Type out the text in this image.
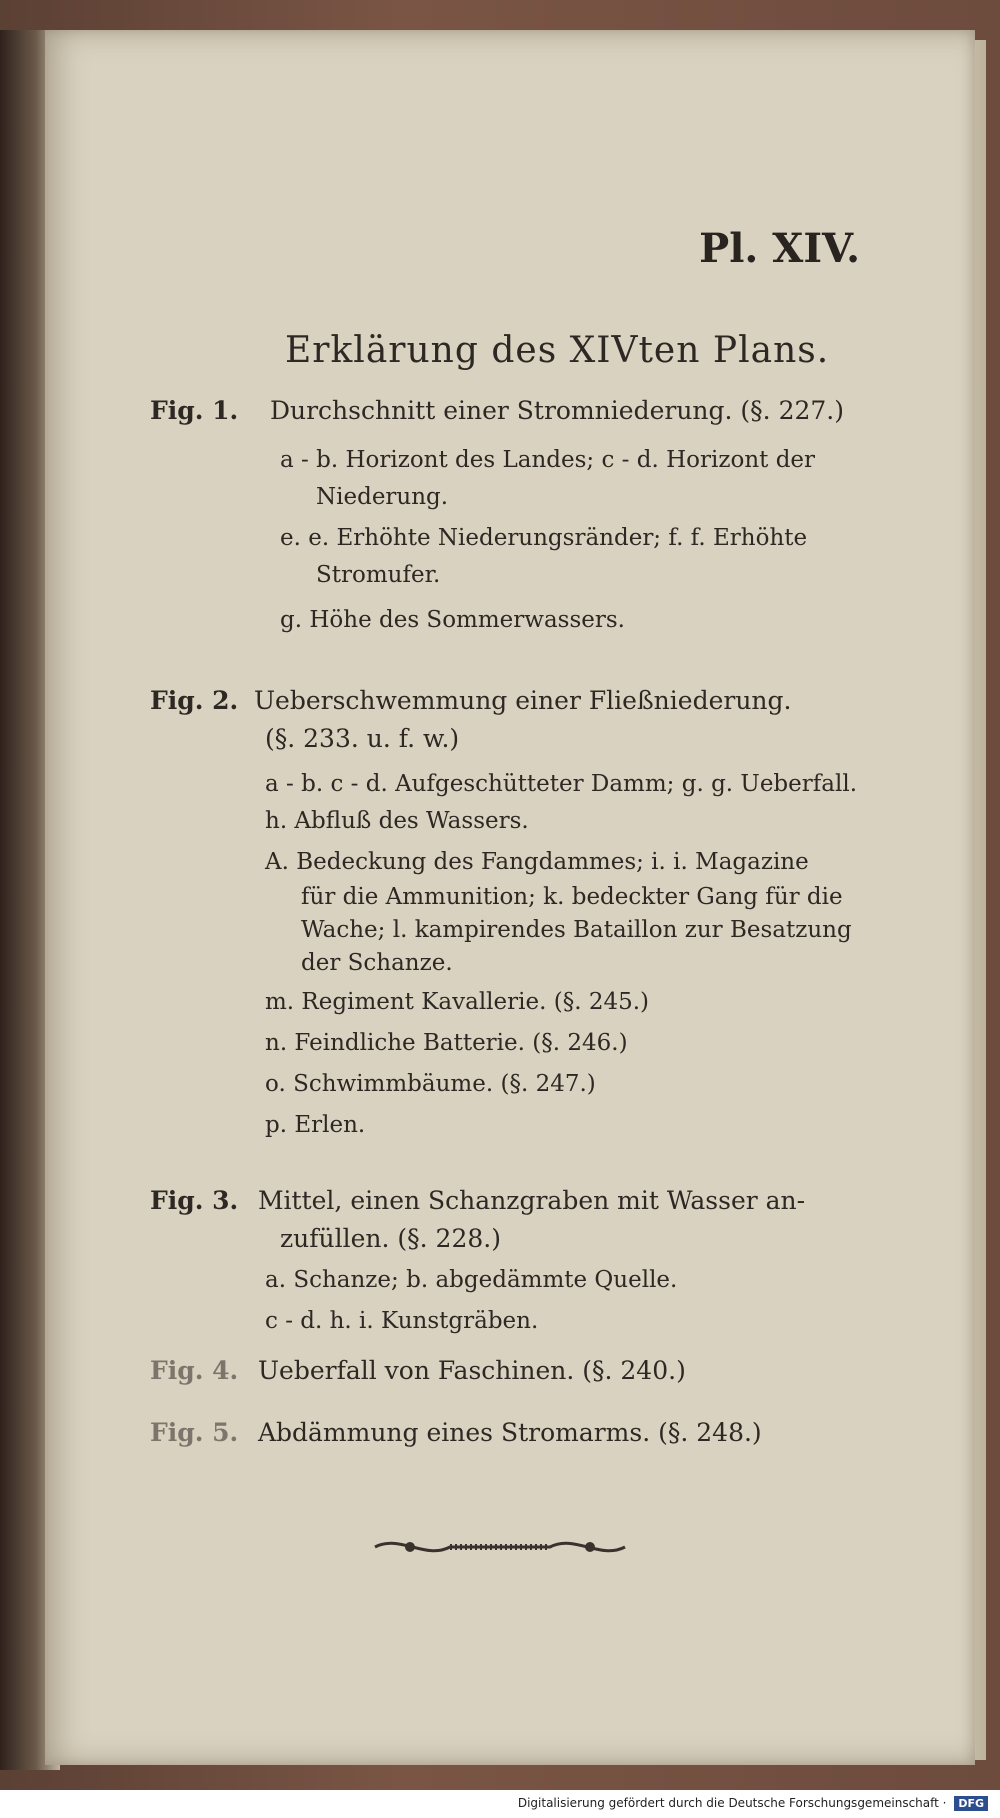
Pl. XIV.
Erklärung des XIVten Plans.
Fig. 1. Durchschnitt einer Stromniederung. (§. 227.)
a - b. Horizont des Landes; c - d. Horizont der
Niederung.
e. e. Erhöhte Niederungsränder; f. f. Erhöhte
Stromufer.
g. Höhe des Sommerwassers.
Fig. 2. Ueberschwemmung einer Fließniederung.
(§. 233. u. f. w.)
a - b. c - d. Aufgeschütteter Damm; g. g. Ueberfall.
h. Abfluß des Wassers.
A. Bedeckung des Fangdammes; i. i. Magazine
für die Ammunition; k. bedeckter Gang für die
Wache; l. kampirendes Bataillon zur Besatzung
der Schanze.
m. Regiment Kavallerie. (§. 245.)
n. Feindliche Batterie. (§. 246.)
o. Schwimmbäume. (§. 247.)
p. Erlen.
Fig. 3. Mittel, einen Schanzgraben mit Wasser an-
zufüllen. (§. 228.)
a. Schanze; b. abgedämmte Quelle.
c - d. h. i. Kunstgräben.
Fig. 4. Ueberfall von Faschinen. (§. 240.)
Fig. 5. Abdämmung eines Stromarms. (§. 248.)
Digitalisierung gefördert durch die Deutsche Forschungsgemeinschaft · DFG
